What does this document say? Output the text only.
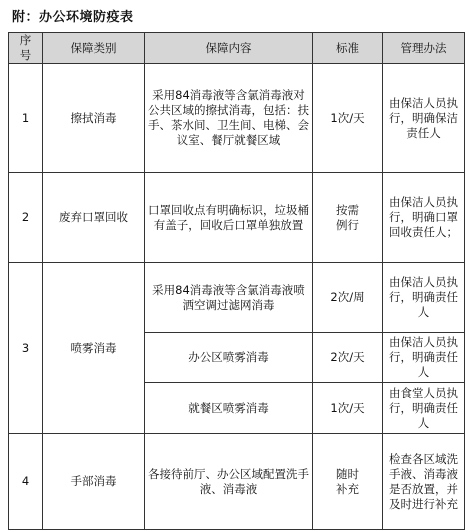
附：办公环境防疫表
序号	保障类别	保障内容	标准	管理办法
1	擦拭消毒	采用84消毒液等含氯消毒液对公共区域的擦拭消毒，包括：扶手、茶水间、卫生间、电梯、会议室、餐厅就餐区域	1次/天	由保洁人员执行，明确保洁责任人
2	废弃口罩回收	口罩回收点有明确标识，垃圾桶有盖子，回收后口罩单独放置	按需例行	由保洁人员执行，明确口罩回收责任人；
3	喷雾消毒	采用84消毒液等含氯消毒液喷洒空调过滤网消毒	2次/周	由保洁人员执行，明确责任人
		办公区喷雾消毒	2次/天	由保洁人员执行，明确责任人
		就餐区喷雾消毒	1次/天	由食堂人员执行，明确责任人
4	手部消毒	各接待前厅、办公区域配置洗手液、消毒液	随时补充	检查各区域洗手液、消毒液是否放置，并及时进行补充
